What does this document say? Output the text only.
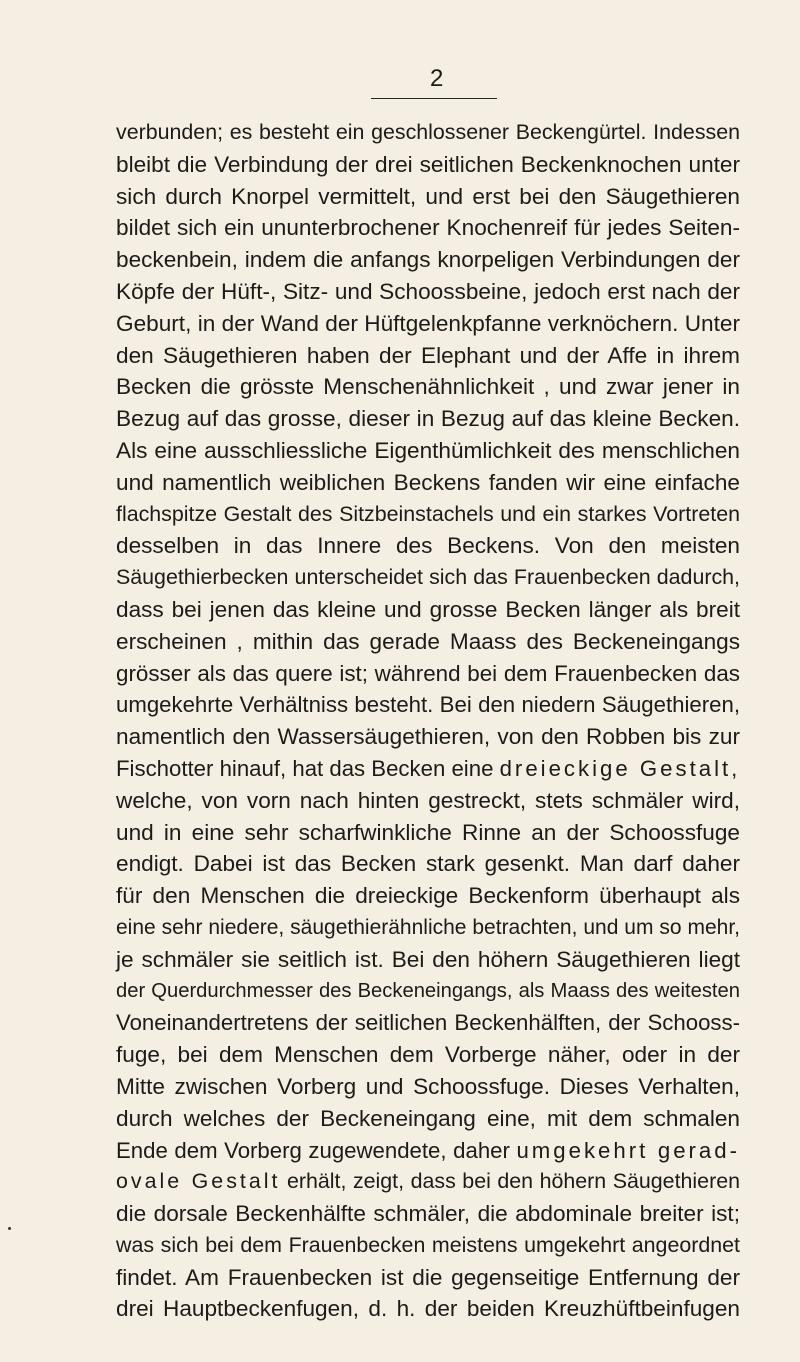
2
verbunden; es besteht ein geschlossener Beckengürtel. Indessen
bleibt die Verbindung der drei seitlichen Beckenknochen unter
sich durch Knorpel vermittelt, und erst bei den Säugethieren
bildet sich ein ununterbrochener Knochenreif für jedes Seiten-
beckenbein, indem die anfangs knorpeligen Verbindungen der
Köpfe der Hüft-, Sitz- und Schoossbeine, jedoch erst nach der
Geburt, in der Wand der Hüftgelenkpfanne verknöchern. Unter
den Säugethieren haben der Elephant und der Affe in ihrem
Becken die grösste Menschenähnlichkeit , und zwar jener in
Bezug auf das grosse, dieser in Bezug auf das kleine Becken.
Als eine ausschliessliche Eigenthümlichkeit des menschlichen
und namentlich weiblichen Beckens fanden wir eine einfache
flachspitze Gestalt des Sitzbeinstachels und ein starkes Vortreten
desselben in das Innere des Beckens. Von den meisten
Säugethierbecken unterscheidet sich das Frauenbecken dadurch,
dass bei jenen das kleine und grosse Becken länger als breit
erscheinen , mithin das gerade Maass des Beckeneingangs
grösser als das quere ist; während bei dem Frauenbecken das
umgekehrte Verhältniss besteht. Bei den niedern Säugethieren,
namentlich den Wassersäugethieren, von den Robben bis zur
Fischotter hinauf, hat das Becken eine dreieckige Gestalt,
welche, von vorn nach hinten gestreckt, stets schmäler wird,
und in eine sehr scharfwinkliche Rinne an der Schoossfuge
endigt. Dabei ist das Becken stark gesenkt. Man darf daher
für den Menschen die dreieckige Beckenform überhaupt als
eine sehr niedere, säugethierähnliche betrachten, und um so mehr,
je schmäler sie seitlich ist. Bei den höhern Säugethieren liegt
der Querdurchmesser des Beckeneingangs, als Maass des weitesten
Voneinandertretens der seitlichen Beckenhälften, der Schooss-
fuge, bei dem Menschen dem Vorberge näher, oder in der
Mitte zwischen Vorberg und Schoossfuge. Dieses Verhalten,
durch welches der Beckeneingang eine, mit dem schmalen
Ende dem Vorberg zugewendete, daher umgekehrt gerad-
ovale Gestalt erhält, zeigt, dass bei den höhern Säugethieren
die dorsale Beckenhälfte schmäler, die abdominale breiter ist;
was sich bei dem Frauenbecken meistens umgekehrt angeordnet
findet. Am Frauenbecken ist die gegenseitige Entfernung der
drei Hauptbeckenfugen, d. h. der beiden Kreuzhüftbeinfugen
